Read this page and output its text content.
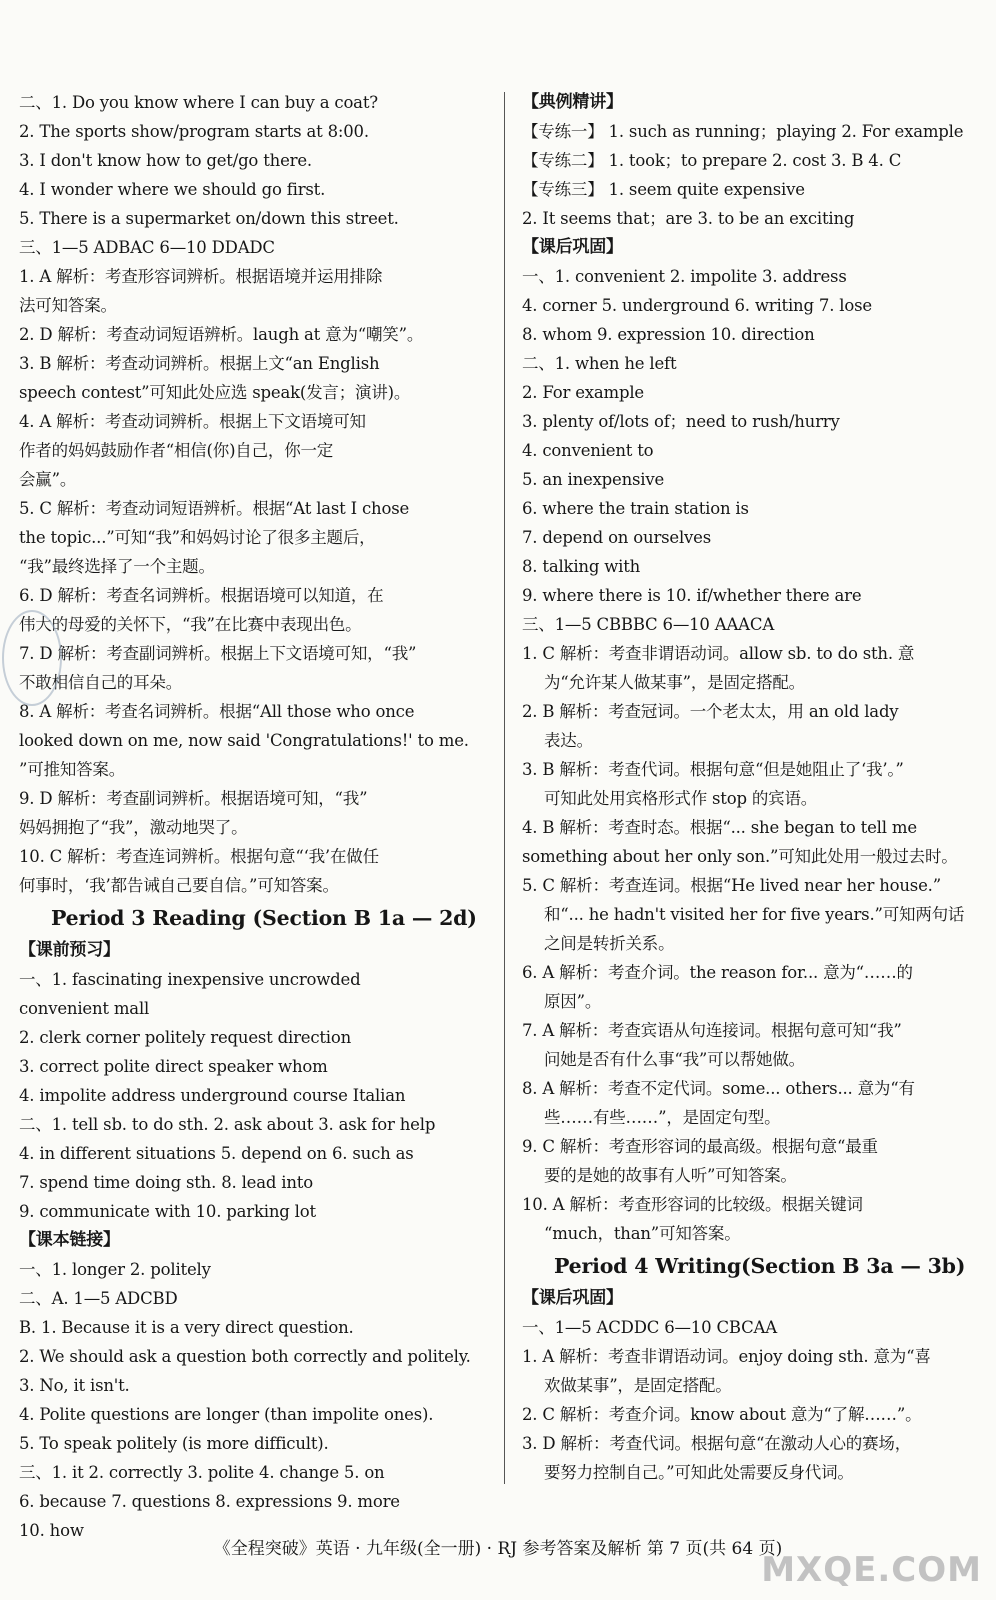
二、1. Do you know where I can buy a coat?
2. The sports show/program starts at 8:00.
3. I don't know how to get/go there.
4. I wonder where we should go first.
5. There is a supermarket on/down this street.
三、1—5 ADBAC 6—10 DDADC
1. A 解析：考查形容词辨析。根据语境并运用排除
法可知答案。
2. D 解析：考查动词短语辨析。laugh at 意为“嘲笑”。
3. B 解析：考查动词辨析。根据上文“an English
speech contest”可知此处应选 speak(发言；演讲)。
4. A 解析：考查动词辨析。根据上下文语境可知
作者的妈妈鼓励作者“相信(你)自己，你一定
会赢”。
5. C 解析：考查动词短语辨析。根据“At last I chose
the topic...”可知“我”和妈妈讨论了很多主题后，
“我”最终选择了一个主题。
6. D 解析：考查名词辨析。根据语境可以知道，在
伟大的母爱的关怀下，“我”在比赛中表现出色。
7. D 解析：考查副词辨析。根据上下文语境可知，“我”
不敢相信自己的耳朵。
8. A 解析：考查名词辨析。根据“All those who once
looked down on me, now said 'Congratulations!' to me.
”可推知答案。
9. D 解析：考查副词辨析。根据语境可知，“我”
妈妈拥抱了“我”，激动地哭了。
10. C 解析：考查连词辨析。根据句意“‘我’在做任
何事时，‘我’都告诫自己要自信。”可知答案。
Period 3 Reading (Section B 1a — 2d)
【课前预习】
一、1. fascinating inexpensive uncrowded
convenient mall
2. clerk corner politely request direction
3. correct polite direct speaker whom
4. impolite address underground course Italian
二、1. tell sb. to do sth. 2. ask about 3. ask for help
4. in different situations 5. depend on 6. such as
7. spend time doing sth. 8. lead into
9. communicate with 10. parking lot
【课本链接】
一、1. longer 2. politely
二、A. 1—5 ADCBD
B. 1. Because it is a very direct question.
2. We should ask a question both correctly and politely.
3. No, it isn't.
4. Polite questions are longer (than impolite ones).
5. To speak politely (is more difficult).
三、1. it 2. correctly 3. polite 4. change 5. on
6. because 7. questions 8. expressions 9. more
10. how
【典例精讲】
【专练一】 1. such as running；playing 2. For example
【专练二】 1. took；to prepare 2. cost 3. B 4. C
【专练三】 1. seem quite expensive
2. It seems that；are 3. to be an exciting
【课后巩固】
一、1. convenient 2. impolite 3. address
4. corner 5. underground 6. writing 7. lose
8. whom 9. expression 10. direction
二、1. when he left
2. For example
3. plenty of/lots of；need to rush/hurry
4. convenient to
5. an inexpensive
6. where the train station is
7. depend on ourselves
8. talking with
9. where there is 10. if/whether there are
三、1—5 CBBBC 6—10 AAACA
1. C 解析：考查非谓语动词。allow sb. to do sth. 意
为“允许某人做某事”，是固定搭配。
2. B 解析：考查冠词。一个老太太，用 an old lady
表达。
3. B 解析：考查代词。根据句意“但是她阻止了‘我’。”
可知此处用宾格形式作 stop 的宾语。
4. B 解析：考查时态。根据“... she began to tell me
something about her only son.”可知此处用一般过去时。
5. C 解析：考查连词。根据“He lived near her house.”
和“... he hadn't visited her for five years.”可知两句话
之间是转折关系。
6. A 解析：考查介词。the reason for... 意为“……的
原因”。
7. A 解析：考查宾语从句连接词。根据句意可知“我”
问她是否有什么事“我”可以帮她做。
8. A 解析：考查不定代词。some... others... 意为“有
些……有些……”，是固定句型。
9. C 解析：考查形容词的最高级。根据句意“最重
要的是她的故事有人听”可知答案。
10. A 解析：考查形容词的比较级。根据关键词
“much，than”可知答案。
Period 4 Writing(Section B 3a — 3b)
【课后巩固】
一、1—5 ACDDC 6—10 CBCAA
1. A 解析：考查非谓语动词。enjoy doing sth. 意为“喜
欢做某事”，是固定搭配。
2. C 解析：考查介词。know about 意为“了解……”。
3. D 解析：考查代词。根据句意“在激动人心的赛场，
要努力控制自己。”可知此处需要反身代词。
《全程突破》英语 · 九年级(全一册) · RJ 参考答案及解析 第 7 页(共 64 页)
MXQE.COM
